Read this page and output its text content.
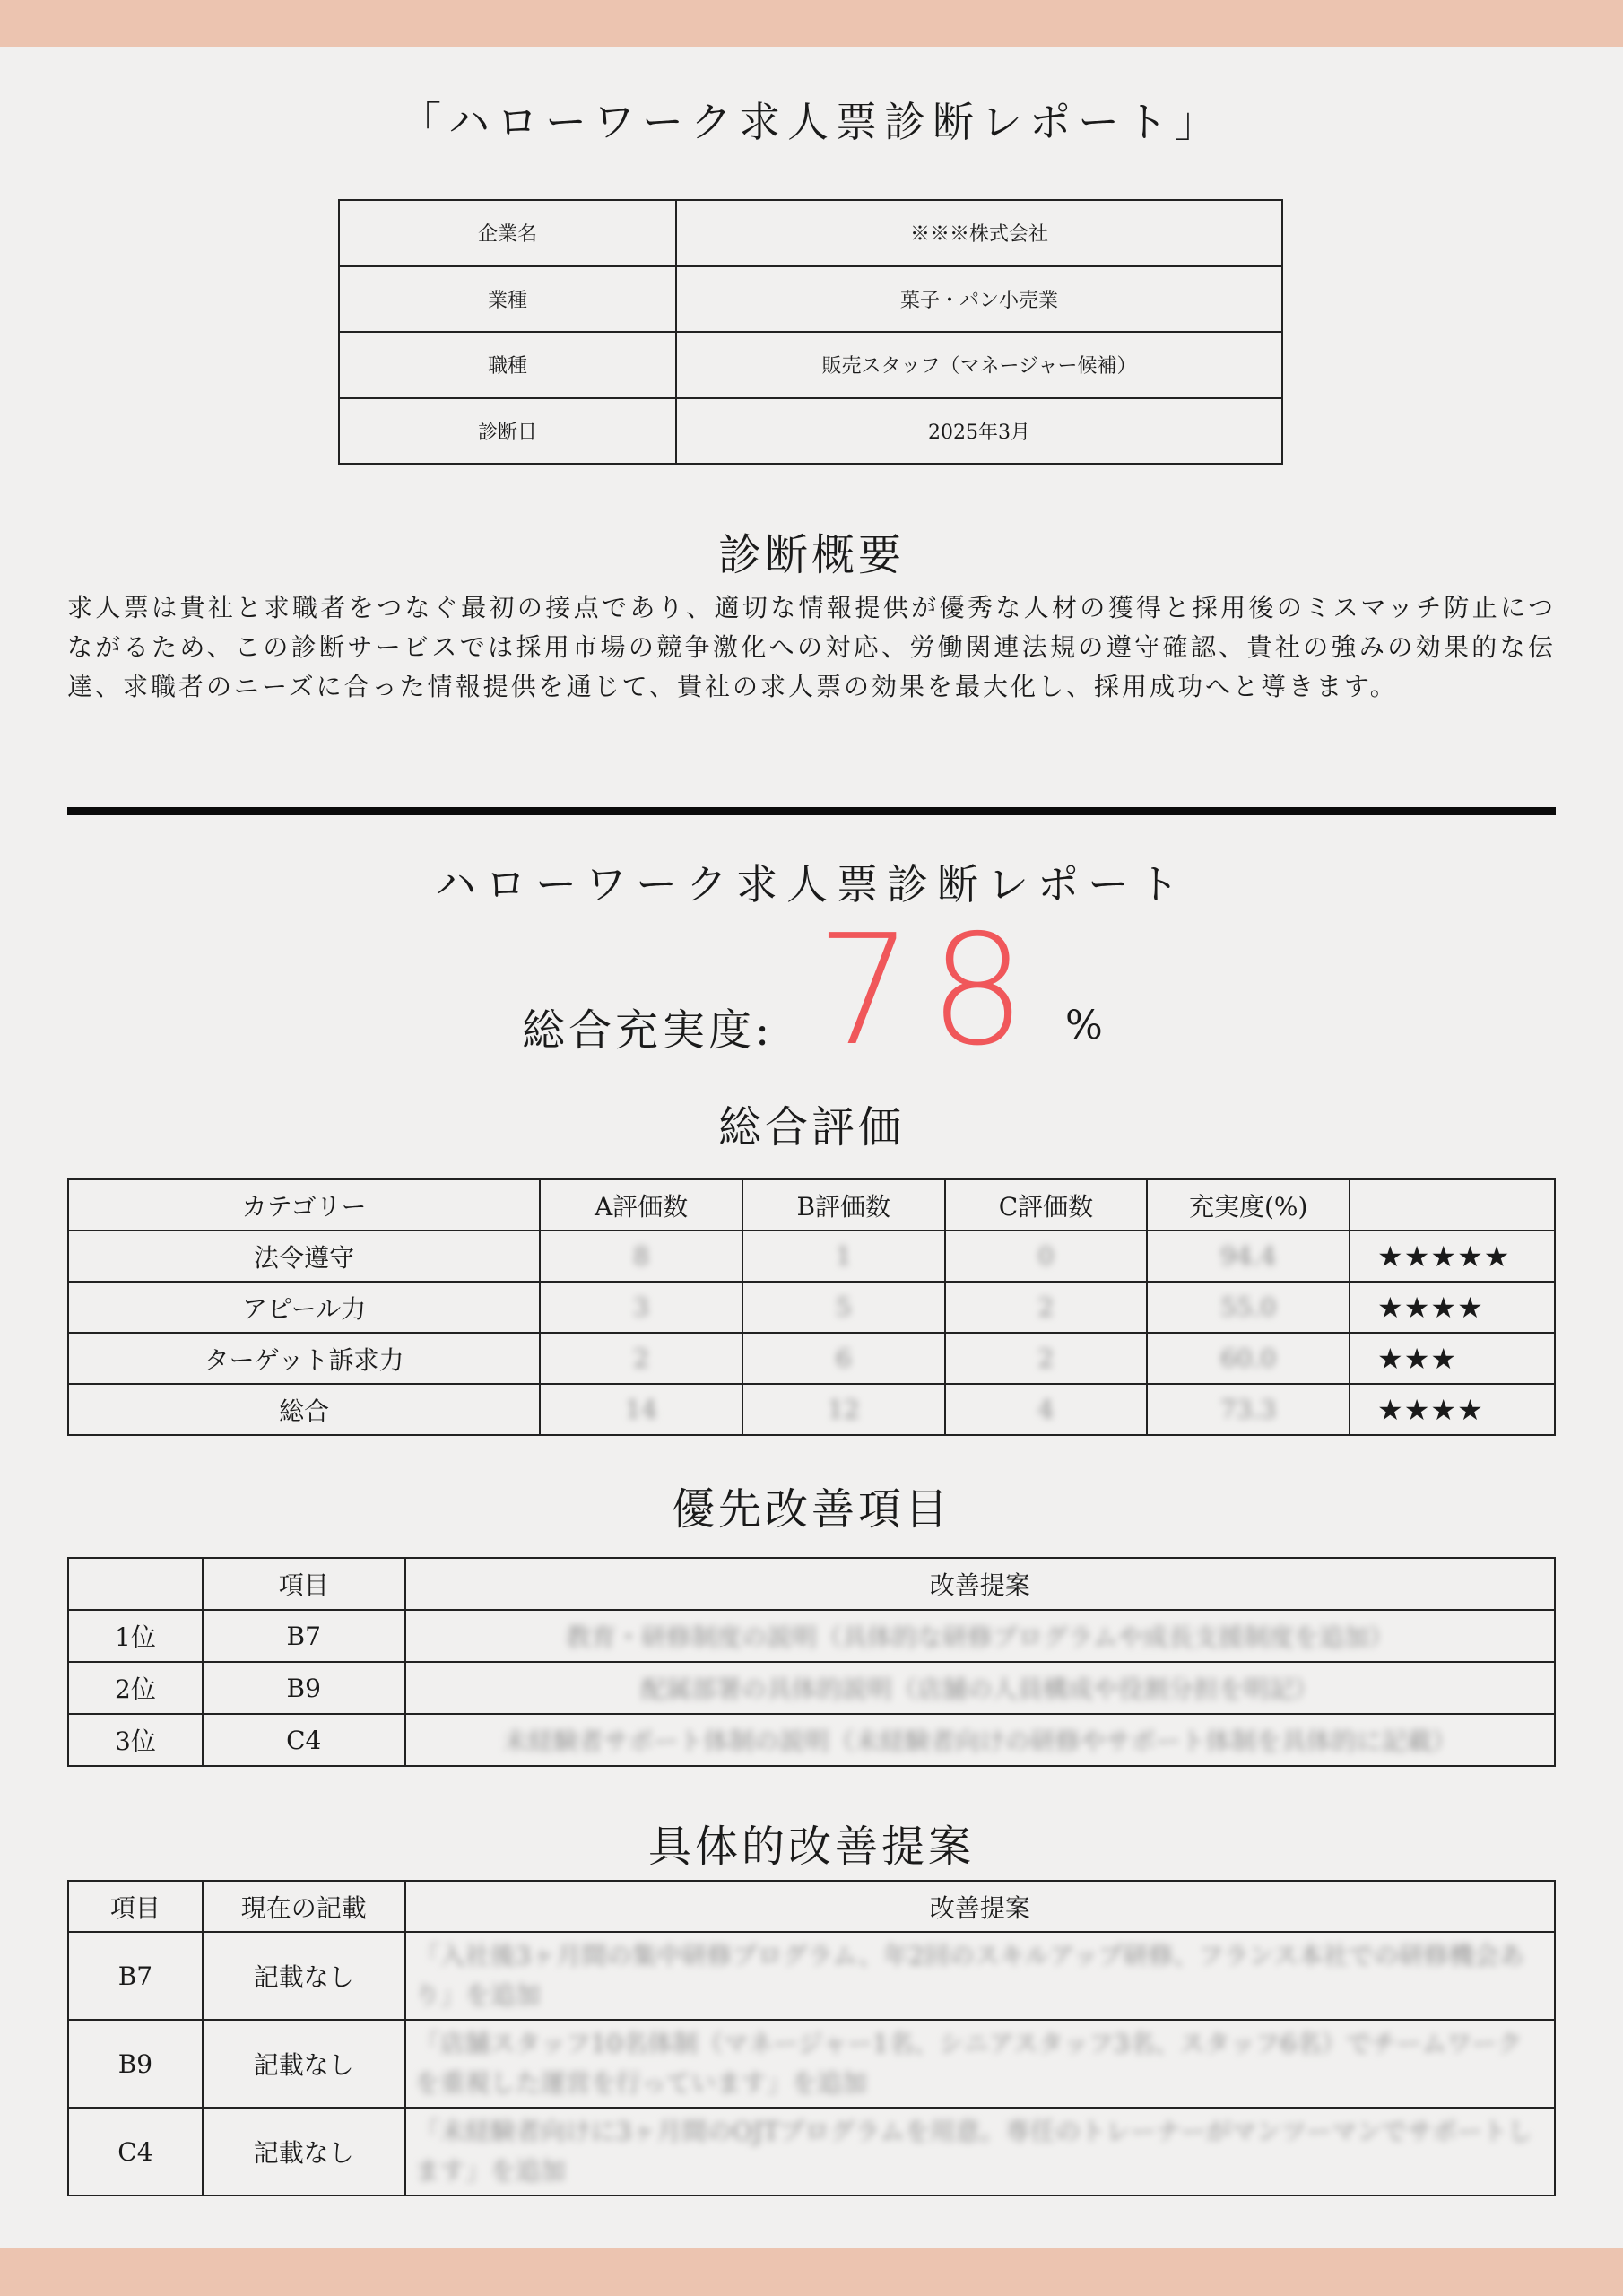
「ハローワーク求人票診断レポート」
企業名	※※※株式会社
業種	菓子・パン小売業
職種	販売スタッフ（マネージャー候補）
診断日	2025年3月
診断概要

求人票は貴社と求職者をつなぐ最初の接点であり、適切な情報提供が優秀な人材の獲得と採用後のミスマッチ防止につながるため、この診断サービスでは採用市場の競争激化への対応、労働関連法規の遵守確認、貴社の強みの効果的な伝達、求職者のニーズに合った情報提供を通じて、貴社の求人票の効果を最大化し、採用成功へと導きます。

ハローワーク求人票診断レポート
総合充実度: 78 %
総合評価
カテゴリー	A評価数	B評価数	C評価数	充実度(%)	
法令遵守	8	1	0	94.4	★★★★★
アピール力	3	5	2	55.0	★★★★
ターゲット訴求力	2	6	2	60.0	★★★
総合	14	12	4	73.3	★★★★
優先改善項目
	項目	改善提案
1位	B7	教育・研修制度の説明（具体的な研修プログラムや成長支援制度を追加）
2位	B9	配属部署の具体的説明（店舗の人員構成や役割分担を明記）
3位	C4	未経験者サポート体制の説明（未経験者向けの研修やサポート体制を具体的に記載）
具体的改善提案
項目	現在の記載	改善提案
B7	記載なし	「入社後3ヶ月間の集中研修プログラム、年2回のスキルアップ研修、フランス本社での研修機会あり」を追加
B9	記載なし	「店舗スタッフ10名体制（マネージャー1名、シニアスタッフ3名、スタッフ6名）でチームワークを重視した運営を行っています」を追加
C4	記載なし	「未経験者向けに3ヶ月間のOJTプログラムを用意。専任のトレーナーがマンツーマンでサポートします」を追加
